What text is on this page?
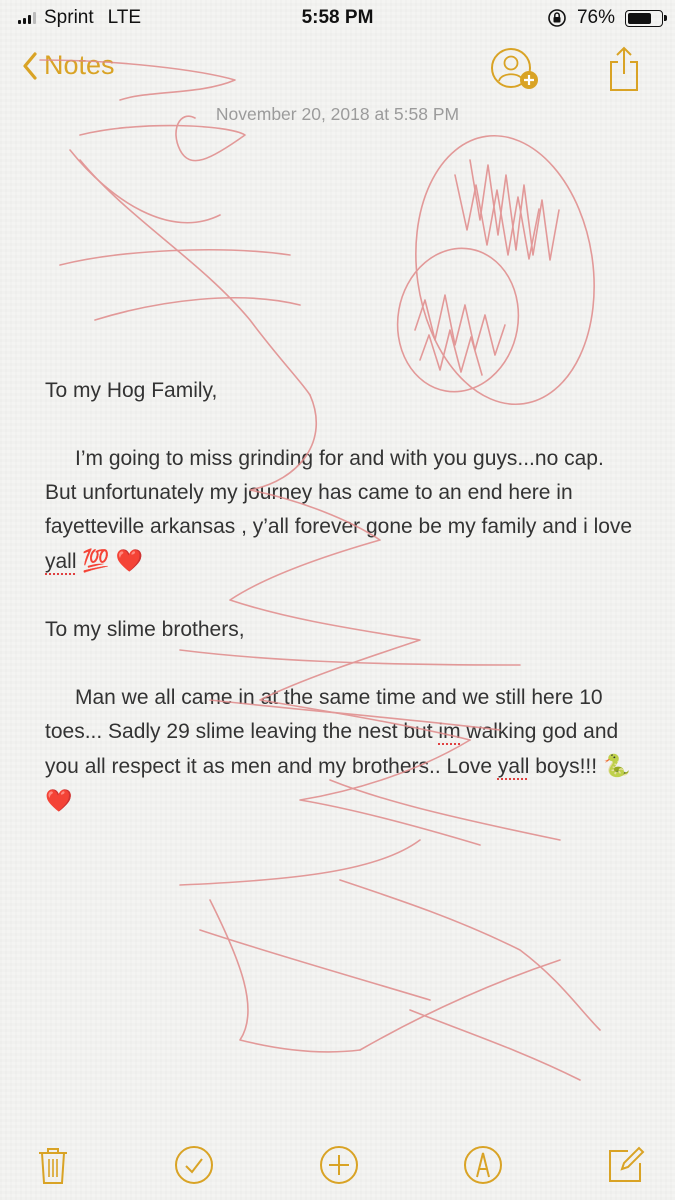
Sprint LTE	5:58 PM	76%
Notes
November 20, 2018 at 5:58 PM

To my Hog Family,

I’m going to miss grinding for and with you guys...no cap. But unfortunately my journey has came to an end here in fayetteville arkansas , y’all forever gone be my family and i love yall 💯 ❤️

To my slime brothers,

Man we all came in at the same time and we still here 10 toes... Sadly 29 slime leaving the nest but im walking god and you all respect it as men and my brothers.. Love yall boys!!! 🐍❤️
